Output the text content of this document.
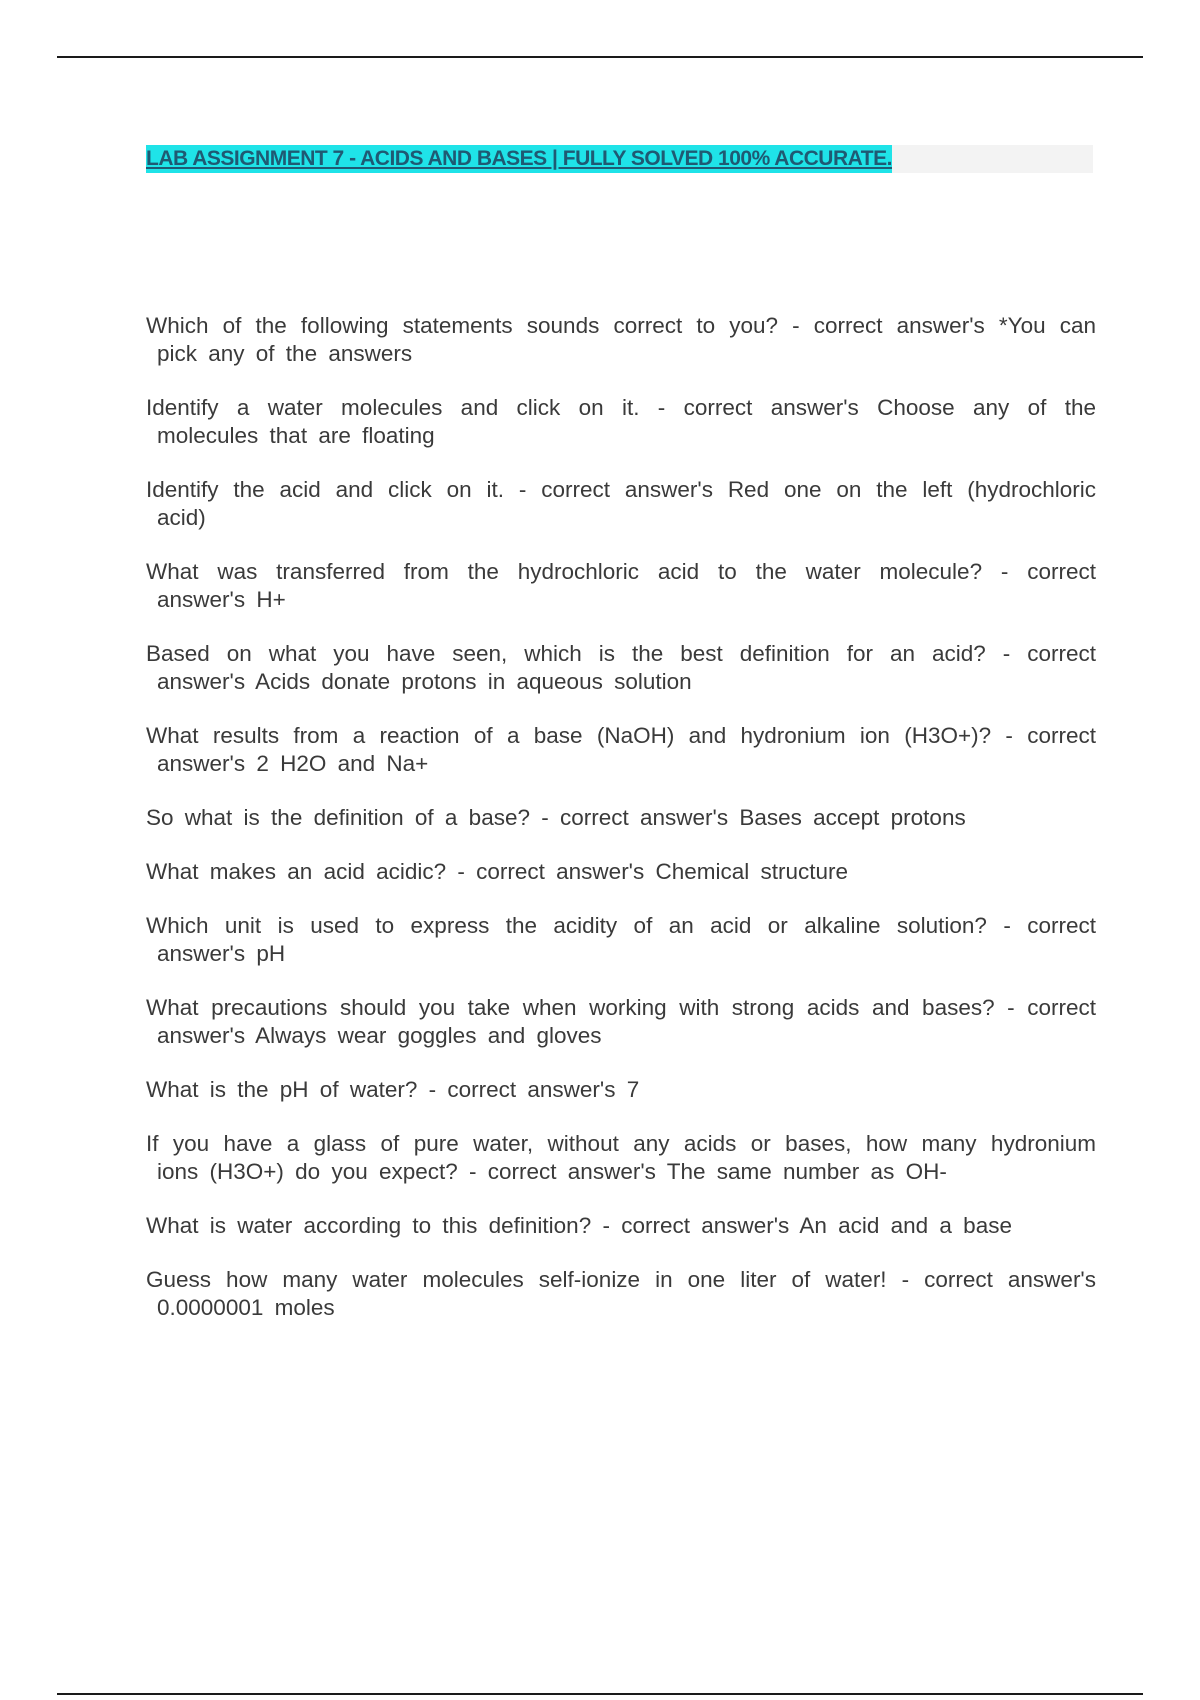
LAB ASSIGNMENT 7 - ACIDS AND BASES | FULLY SOLVED 100% ACCURATE.

Which of the following statements sounds correct to you? - correct answer's *You can pick any of the answers

Identify a water molecules and click on it. - correct answer's Choose any of the molecules that are floating

Identify the acid and click on it. - correct answer's Red one on the left (hydrochloric acid)

What was transferred from the hydrochloric acid to the water molecule? - correct answer's H+

Based on what you have seen, which is the best definition for an acid? - correct answer's Acids donate protons in aqueous solution

What results from a reaction of a base (NaOH) and hydronium ion (H3O+)? - correct answer's 2 H2O and Na+

So what is the definition of a base? - correct answer's Bases accept protons

What makes an acid acidic? - correct answer's Chemical structure

Which unit is used to express the acidity of an acid or alkaline solution? - correct answer's pH

What precautions should you take when working with strong acids and bases? - correct answer's Always wear goggles and gloves

What is the pH of water? - correct answer's 7

If you have a glass of pure water, without any acids or bases, how many hydronium ions (H3O+) do you expect? - correct answer's The same number as OH-

What is water according to this definition? - correct answer's An acid and a base

Guess how many water molecules self-ionize in one liter of water! - correct answer's 0.0000001 moles
